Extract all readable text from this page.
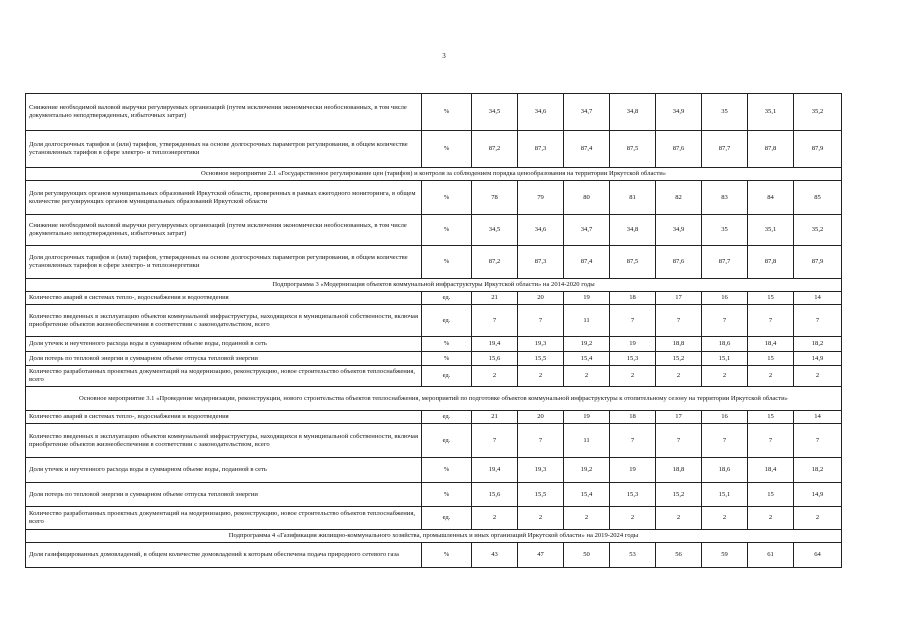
3
Снижение необходимой валовой выручки регулируемых организаций (путем исключения экономически необоснованных, в том числе документально неподтвержденных, избыточных затрат)	%	34,5	34,6	34,7	34,8	34,9	35	35,1	35,2
Доля долгосрочных тарифов и (или) тарифов, утвержденных на основе долгосрочных параметров регулирования, в общем количестве установленных тарифов в сфере электро- и теплоэнергетики	%	87,2	87,3	87,4	87,5	87,6	87,7	87,8	87,9
Основное мероприятие 2.1 «Государственное регулирование цен (тарифов) и контроля за соблюдением порядка ценообразования на территории Иркутской области»									
Доля регулирующих органов муниципальных образований Иркутской области, проверенных в рамках ежегодного мониторинга, в общем количестве регулирующих органов муниципальных образований Иркутской области	%	78	79	80	81	82	83	84	85
Снижение необходимой валовой выручки регулируемых организаций (путем исключения экономически необоснованных, в том числе документально неподтвержденных, избыточных затрат)	%	34,5	34,6	34,7	34,8	34,9	35	35,1	35,2
Доля долгосрочных тарифов и (или) тарифов, утвержденных на основе долгосрочных параметров регулирования, в общем количестве установленных тарифов в сфере электро- и теплоэнергетики	%	87,2	87,3	87,4	87,5	87,6	87,7	87,8	87,9
Подпрограмма 3 «Модернизация объектов коммунальной инфраструктуры Иркутской области» на 2014-2020 годы									
Количество аварий в системах тепло-, водоснабжения и водоотведения	ед.	21	20	19	18	17	16	15	14
Количество введенных в эксплуатацию объектов коммунальной инфраструктуры, находящихся в муниципальной собственности, включая приобретение объектов жизнеобеспечения в соответствии с законодательством, всего	ед.	7	7	11	7	7	7	7	7
Доля утечек и неучтенного расхода воды в суммарном объеме воды, поданной в сеть	%	19,4	19,3	19,2	19	18,8	18,6	18,4	18,2
Доля потерь по тепловой энергии в суммарном объеме отпуска тепловой энергии	%	15,6	15,5	15,4	15,3	15,2	15,1	15	14,9
Количество разработанных проектных документаций на модернизацию, реконструкцию, новое строительство объектов теплоснабжения, всего	ед.	2	2	2	2	2	2	2	2
Основное мероприятие 3.1 «Проведение модернизации, реконструкции, нового строительства объектов теплоснабжения, мероприятий по подготовке объектов коммунальной инфраструктуры к отопительному сезону на территории Иркутской области»									
Количество аварий в системах тепло-, водоснабжения и водоотведения	ед.	21	20	19	18	17	16	15	14
Количество введенных в эксплуатацию объектов коммунальной инфраструктуры, находящихся в муниципальной собственности, включая приобретение объектов жизнеобеспечения в соответствии с законодательством, всего	ед.	7	7	11	7	7	7	7	7
Доля утечек и неучтенного расхода воды в суммарном объеме воды, поданной в сеть	%	19,4	19,3	19,2	19	18,8	18,6	18,4	18,2
Доля потерь по тепловой энергии в суммарном объеме отпуска тепловой энергии	%	15,6	15,5	15,4	15,3	15,2	15,1	15	14,9
Количество разработанных проектных документаций на модернизацию, реконструкцию, новое строительство объектов теплоснабжения, всего	ед.	2	2	2	2	2	2	2	2
Подпрограмма 4 «Газификация жилищно-коммунального хозяйства, промышленных и иных организаций Иркутской области» на 2019-2024 годы									
Доля газифицированных домовладений, в общем количестве домовладений к которым обеспечена подача природного сетевого газа	%	43	47	50	53	56	59	61	64
